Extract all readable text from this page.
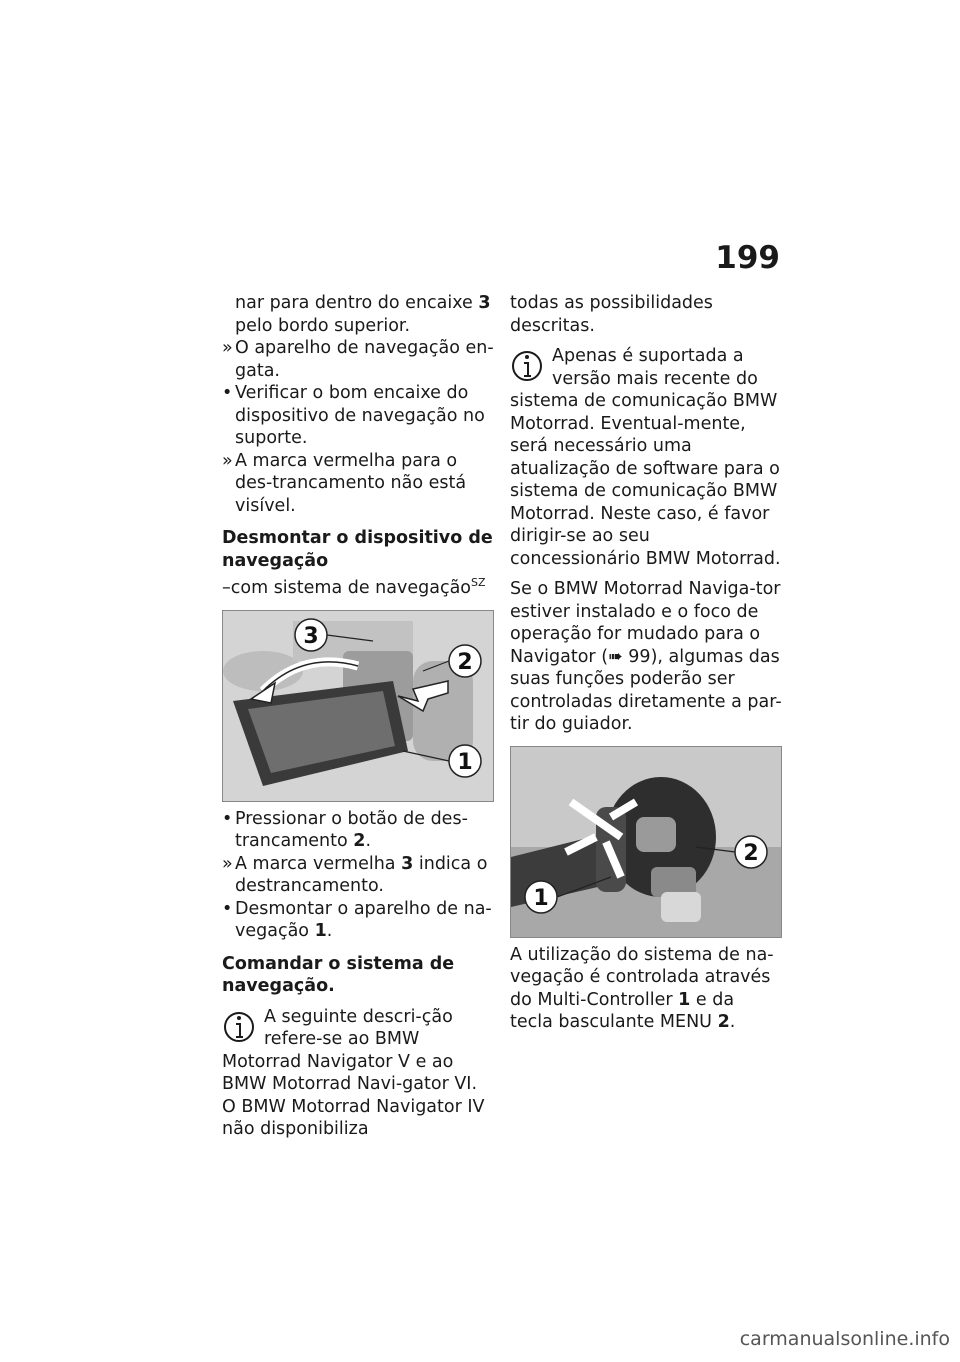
199

nar para dentro do encaixe 3 pelo bordo superior.

» O aparelho de navegação en-gata.

• Verificar o bom encaixe do dispositivo de navegação no suporte.

» A marca vermelha para o des-trancamento não está visível.

Desmontar o dispositivo de navegação

–com sistema de navegação$^{SZ}$

3
2
1

• Pressionar o botão de des-trancamento 2.

» A marca vermelha 3 indica o destrancamento.

• Desmontar o aparelho de na-vegação 1.

Comandar o sistema de navegação.

A seguinte descri-ção refere-se ao BMW Motorrad Navigator V e ao BMW Motorrad Navi-gator VI. O BMW Motorrad Navigator IV não disponibiliza

todas as possibilidades descritas.

Apenas é suportada a versão mais recente do sistema de comunicação BMW Motorrad. Eventual-mente, será necessário uma atualização de software para o sistema de comunicação BMW Motorrad. Neste caso, é favor dirigir-se ao seu concessionário BMW Motorrad.

Se o BMW Motorrad Naviga-tor estiver instalado e o foco de operação for mudado para o Navigator (➠ 99), algumas das suas funções poderão ser controladas diretamente a par-tir do guiador.

2
1

A utilização do sistema de na-vegação é controlada através do Multi-Controller 1 e da tecla basculante MENU 2.

carmanualsonline.info
